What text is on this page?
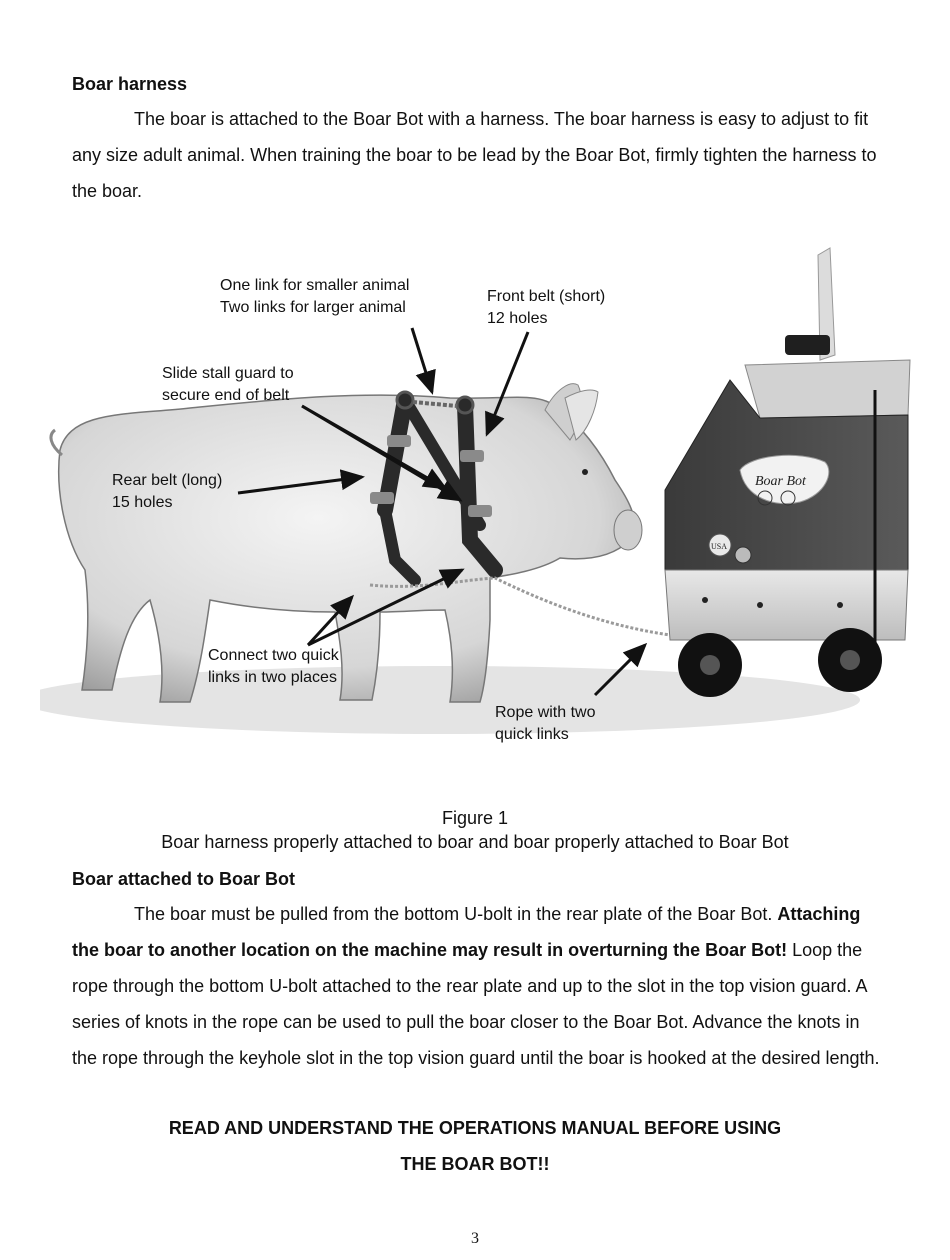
Boar harness
The boar is attached to the Boar Bot with a harness. The boar harness is easy to adjust to fit any size adult animal. When training the boar to be lead by the Boar Bot, firmly tighten the harness to the boar.
Boar Bot
USA
One link for smaller animal
Two links for larger animal
Front belt (short)
12 holes
Slide stall guard to
secure end of belt
Rear belt (long)
15 holes
Connect two quick
links in two places
Rope with two
quick links
Figure 1
Boar harness properly attached to boar and boar properly attached to Boar Bot
Boar attached to Boar Bot
The boar must be pulled from the bottom U-bolt in the rear plate of the Boar Bot. Attaching the boar to another location on the machine may result in overturning the Boar Bot! Loop the rope through the bottom U-bolt attached to the rear plate and up to the slot in the top vision guard. A series of knots in the rope can be used to pull the boar closer to the Boar Bot. Advance the knots in the rope through the keyhole slot in the top vision guard until the boar is hooked at the desired length.
READ AND UNDERSTAND THE OPERATIONS MANUAL BEFORE USING
THE BOAR BOT!!
3
